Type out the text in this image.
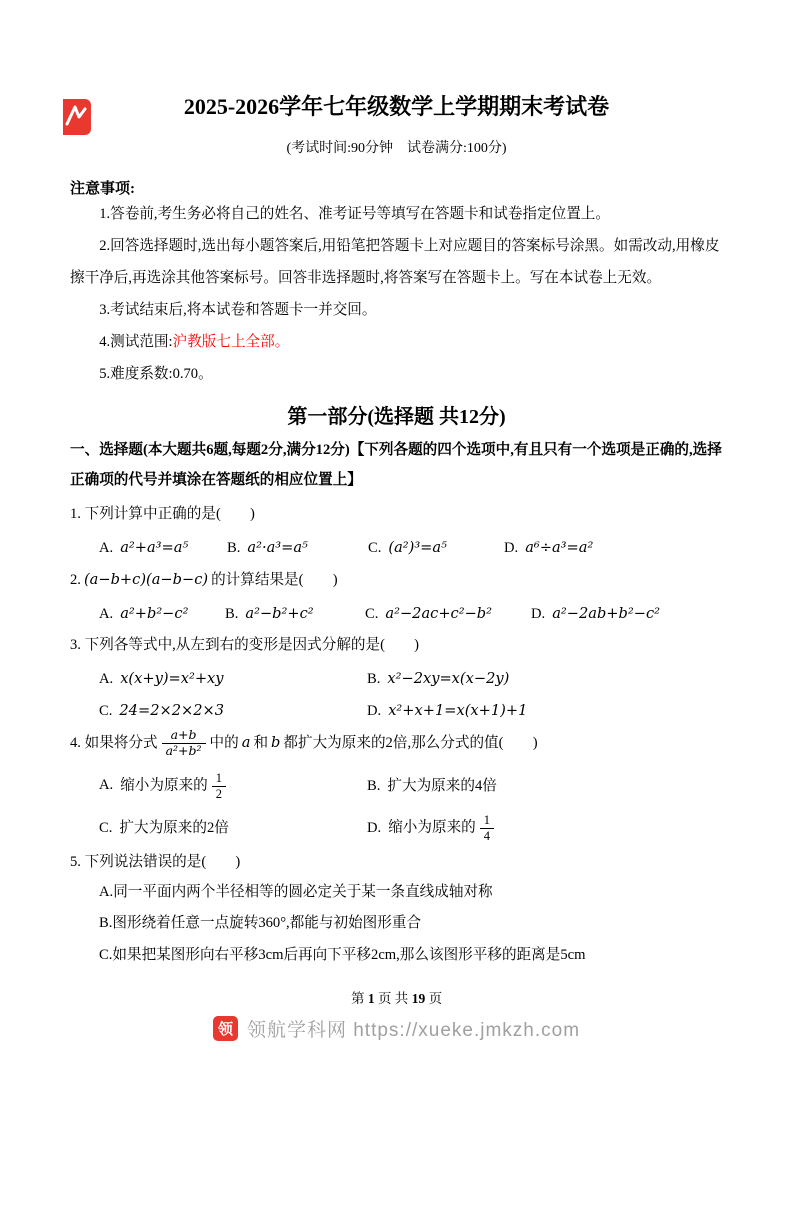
2025-2026学年七年级数学上学期期末考试卷
(考试时间:90分钟　试卷满分:100分)
注意事项:

1.答卷前,考生务必将自己的姓名、准考证号等填写在答题卡和试卷指定位置上。

2.回答选择题时,选出每小题答案后,用铅笔把答题卡上对应题目的答案标号涂黑。如需改动,用橡皮擦干净后,再选涂其他答案标号。回答非选择题时,将答案写在答题卡上。写在本试卷上无效。

3.考试结束后,将本试卷和答题卡一并交回。

4.测试范围:沪教版七上全部。

5.难度系数:0.70。

第一部分(选择题 共12分)

一、选择题(本大题共6题,每题2分,满分12分)【下列各题的四个选项中,有且只有一个选项是正确的,选择正确项的代号并填涂在答题纸的相应位置上】

1. 下列计算中正确的是(　　)

A. a²+a³=a⁵	B. a²·a³=a⁵	C. (a²)³=a⁵	D. a⁶÷a³=a²

2. (a−b+c)(a−b−c) 的计算结果是(　　)

A. a²+b²−c²	B. a²−b²+c²	C. a²−2ac+c²−b²	D. a²−2ab+b²−c²

3. 下列各等式中,从左到右的变形是因式分解的是(　　)

A. x(x+y)=x²+xy	B. x²−2xy=x(x−2y)
C. 24=2×2×2×3	D. x²+x+1=x(x+1)+1

4. 如果将分式 $\frac{a+b}{\text{a²+b²}}$ 中的 a 和 b 都扩大为原来的2倍,那么分式的值(　　)

A. 缩小为原来的 $\frac{1}{2}$	B. 扩大为原来的4倍
C. 扩大为原来的2倍	D. 缩小为原来的 $\frac{1}{4}$

5. 下列说法错误的是(　　)

A.同一平面内两个半径相等的圆必定关于某一条直线成轴对称
B.图形绕着任意一点旋转360°,都能与初始图形重合
C.如果把某图形向右平移3cm后再向下平移2cm,那么该图形平移的距离是5cm
第 1 页 共 19 页
领 领航学科网 https://xueke.jmkzh.com
